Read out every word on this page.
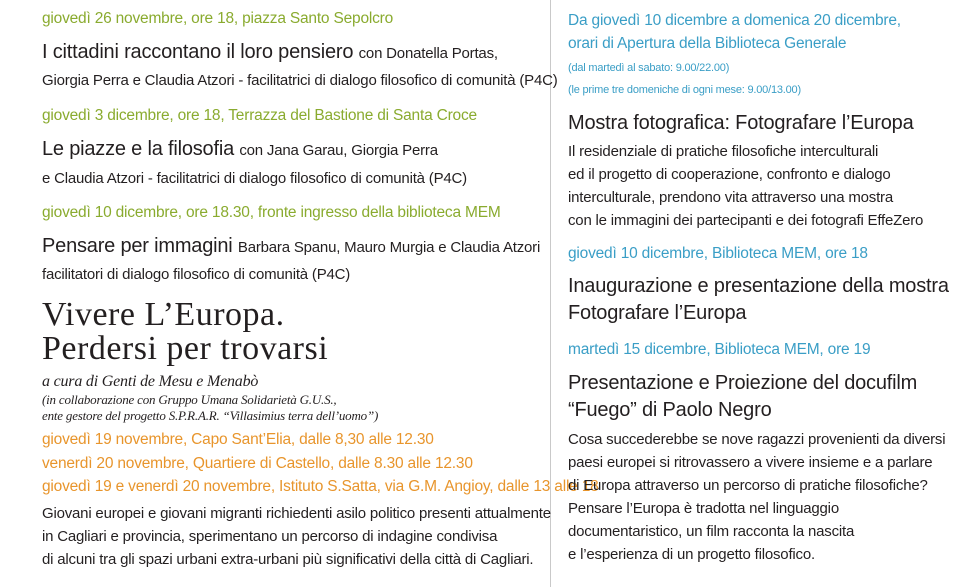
giovedì 26 novembre, ore 18, piazza Santo Sepolcro
I cittadini raccontano il loro pensiero con Donatella Portas,
Giorgia Perra e Claudia Atzori - facilitatrici di dialogo filosofico di comunità (P4C)
giovedì 3 dicembre, ore 18, Terrazza del Bastione di Santa Croce
Le piazze e la filosofia con Jana Garau, Giorgia Perra
e Claudia Atzori - facilitatrici di dialogo filosofico di comunità (P4C)
giovedì 10 dicembre, ore 18.30, fronte ingresso della biblioteca MEM
Pensare per immagini Barbara Spanu, Mauro Murgia e Claudia Atzori
facilitatori di dialogo filosofico di comunità (P4C)
Vivere L’Europa.
Perdersi per trovarsi
a cura di Genti de Mesu e Menabò
(in collaborazione con Gruppo Umana Solidarietà G.U.S.,
ente gestore del progetto S.P.R.A.R. “Villasimius terra dell’uomo”)
giovedì 19 novembre, Capo Sant’Elia, dalle 8,30 alle 12.30
venerdì 20 novembre, Quartiere di Castello, dalle 8.30 alle 12.30
giovedì 19 e venerdì 20 novembre, Istituto S.Satta, via G.M. Angioy, dalle 13 alle 18
Giovani europei e giovani migranti richiedenti asilo politico presenti attualmente
in Cagliari e provincia, sperimentano un percorso di indagine condivisa
di alcuni tra gli spazi urbani extra-urbani più significativi della città di Cagliari.
Da giovedì 10 dicembre a domenica 20 dicembre,
orari di Apertura della Biblioteca Generale
(dal martedì al sabato: 9.00/22.00)
(le prime tre domeniche di ogni mese: 9.00/13.00)
Mostra fotografica: Fotografare l’Europa
Il residenziale di pratiche filosofiche interculturali
ed il progetto di cooperazione, confronto e dialogo
interculturale, prendono vita attraverso una mostra
con le immagini dei partecipanti e dei fotografi EffeZero
giovedì 10 dicembre, Biblioteca MEM, ore 18
Inaugurazione e presentazione della mostra
Fotografare l’Europa
martedì 15 dicembre, Biblioteca MEM, ore 19
Presentazione e Proiezione del docufilm
“Fuego” di Paolo Negro
Cosa succederebbe se nove ragazzi provenienti da diversi
paesi europei si ritrovassero a vivere insieme e a parlare
di Europa attraverso un percorso di pratiche filosofiche?
Pensare l’Europa è tradotta nel linguaggio
documentaristico, un film racconta la nascita
e l’esperienza di un progetto filosofico.
